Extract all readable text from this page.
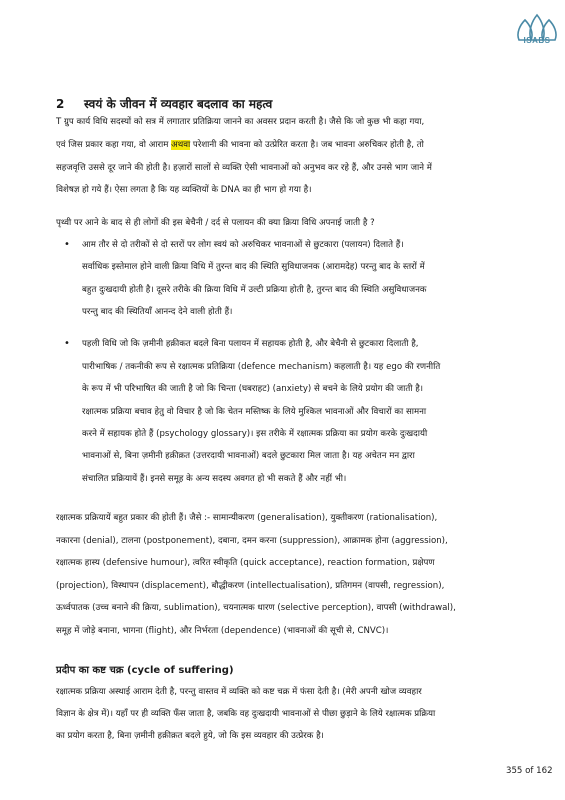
ISABS
2 स्वयं के जीवन में व्यवहार बदलाव का महत्व
T ग्रुप कार्य विधि सदस्यों को सत्र में लगातार प्रतिक्रिया जानने का अवसर प्रदान करती है। जैसे कि जो कुछ भी कहा गया,
एवं जिस प्रकार कहा गया, वो आराम अथवा परेशानी की भावना को उत्प्रेरित करता है। जब भावना अरुचिकर होती है, तो
सहजवृत्ति उससे दूर जाने की होती है। हज़ारों सालों से व्यक्ति ऐसी भावनाओं को अनुभव कर रहे हैं, और उनसे भाग जाने में
विशेषज्ञ हो गये हैं। ऐसा लगता है कि यह व्यक्तियों के DNA का ही भाग हो गया है।
पृथ्वी पर आने के बाद से ही लोगों की इस बेचैनी / दर्द से पलायन की क्या क्रिया विधि अपनाई जाती है ?
• आम तौर से दो तरीकों से दो स्तरों पर लोग स्वयं को अरुचिकर भावनाओं से छुटकारा (पलायन) दिलाते हैं।
सर्वाधिक इस्तेमाल होने वाली क्रिया विधि में तुरन्त बाद की स्थिति सुविधाजनक (आरामदेह) परन्तु बाद के स्तरों में
बहुत दुःखदायी होती है। दूसरे तरीके की क्रिया विधि में उल्टी प्रक्रिया होती है, तुरन्त बाद की स्थिति असुविधाजनक
परन्तु बाद की स्थितियाँ आनन्द देने वाली होती हैं।
• पहली विधि जो कि ज़मीनी हक़ीकत बदले बिना पलायन में सहायक होती है, और बेचैनी से छुटकारा दिलाती है,
पारीभाषिक / तकनीकी रूप से रक्षात्मक प्रतिक्रिया (defence mechanism) कहलाती है। यह ego की रणनीति
के रूप में भी परिभाषित की जाती है जो कि चिन्ता (घबराहट) (anxiety) से बचने के लिये प्रयोग की जाती है।
रक्षात्मक प्रक्रिया बचाव हेतु वो विचार है जो कि चेतन मस्तिष्क के लिये मुश्किल भावनाओं और विचारों का सामना
करने में सहायक होते हैं (psychology glossary)। इस तरीके में रक्षात्मक प्रक्रिया का प्रयोग करके दुःखदायी
भावनाओं से, बिना ज़मीनी हक़ीक़त (उत्तरदायी भावनाओं) बदले छुटकारा मिल जाता है। यह अचेतन मन द्वारा
संचालित प्रक्रियायें हैं। इनसे समूह के अन्य सदस्य अवगत हो भी सकते हैं और नहीं भी।
रक्षात्मक प्रक्रियायें बहुत प्रकार की होती हैं। जैसे :- सामान्यीकरण (generalisation), युक्तीकरण (rationalisation),
नकारना (denial), टालना (postponement), दबाना, दमन करना (suppression), आक्रामक होना (aggression),
रक्षात्मक हास्य (defensive humour), त्वरित स्वीकृति (quick acceptance), reaction formation, प्रक्षेपण
(projection), विस्थापन (displacement), बौद्धीकरण (intellectualisation), प्रतिगमन (वापसी, regression),
ऊर्ध्वपातक (उच्च बनाने की क्रिया, sublimation), चयनात्मक धारण (selective perception), वापसी (withdrawal),
समूह में जोड़े बनाना, भागना (flight), और निर्भरता (dependence) (भावनाओं की सूची से, CNVC)।
प्रदीप का कष्ट चक्र (cycle of suffering)
रक्षात्मक प्रक्रिया अस्थाई आराम देती है, परन्तु वास्तव में व्यक्ति को कष्ट चक्र में फंसा देती है। (मेरी अपनी खोज व्यवहार
विज्ञान के क्षेत्र में)। यहाँ पर ही व्यक्ति फँस जाता है, जबकि वह दुःखदायी भावनाओं से पीछा छुड़ाने के लिये रक्षात्मक प्रक्रिया
का प्रयोग करता है, बिना ज़मीनी हक़ीक़त बदले हुये, जो कि इस व्यवहार की उत्प्रेरक है।
355 of 162
